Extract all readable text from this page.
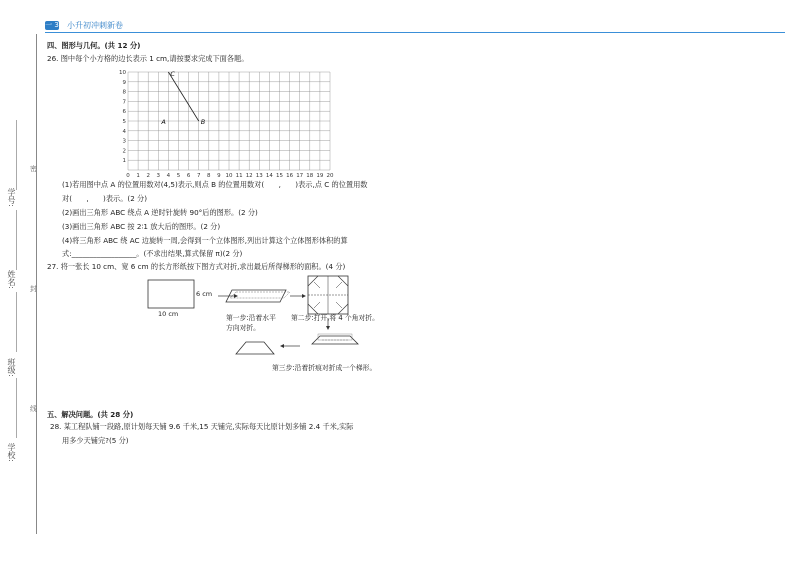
一 3 小升初冲刺新卷
学号:
姓名:
班级:
学校:
密
封
线
四、图形与几何。(共 12 分)
26. 图中每个小方格的边长表示 1 cm,请按要求完成下面各题。
0 1 2 3 4 5 6 7 8 9 10 11 12 13 14 15 16 17 18 19 20
1
2
3
4
5
6
7
8
9
10
A	B
C
(1)若用图中点 A 的位置用数对(4,5)表示,则点 B 的位置用数对(　　,　　)表示,点 C 的位置用数
对(　　,　　)表示。(2 分)
(2)画出三角形 ABC 绕点 A 逆时针旋转 90°后的图形。(2 分)
(3)画出三角形 ABC 按 2∶1 放大后的图形。(2 分)
(4)将三角形 ABC 绕 AC 边旋转一周,会得到一个立体图形,列出计算这个立体图形体积的算
式:__________________。(不求出结果,算式保留 π)(2 分)
27. 将一张长 10 cm、宽 6 cm 的长方形纸按下图方式对折,求出最后所得梯形的面积。(4 分)
6 cm
10 cm	第一步:沿着水平
方向对折。
第二步:打开,将 4 个角对折。
第三步:沿着折痕对折成一个梯形。
五、解决问题。(共 28 分)
28. 某工程队铺一段路,原计划每天铺 9.6 千米,15 天铺完,实际每天比原计划多铺 2.4 千米,实际
用多少天铺完?(5 分)
